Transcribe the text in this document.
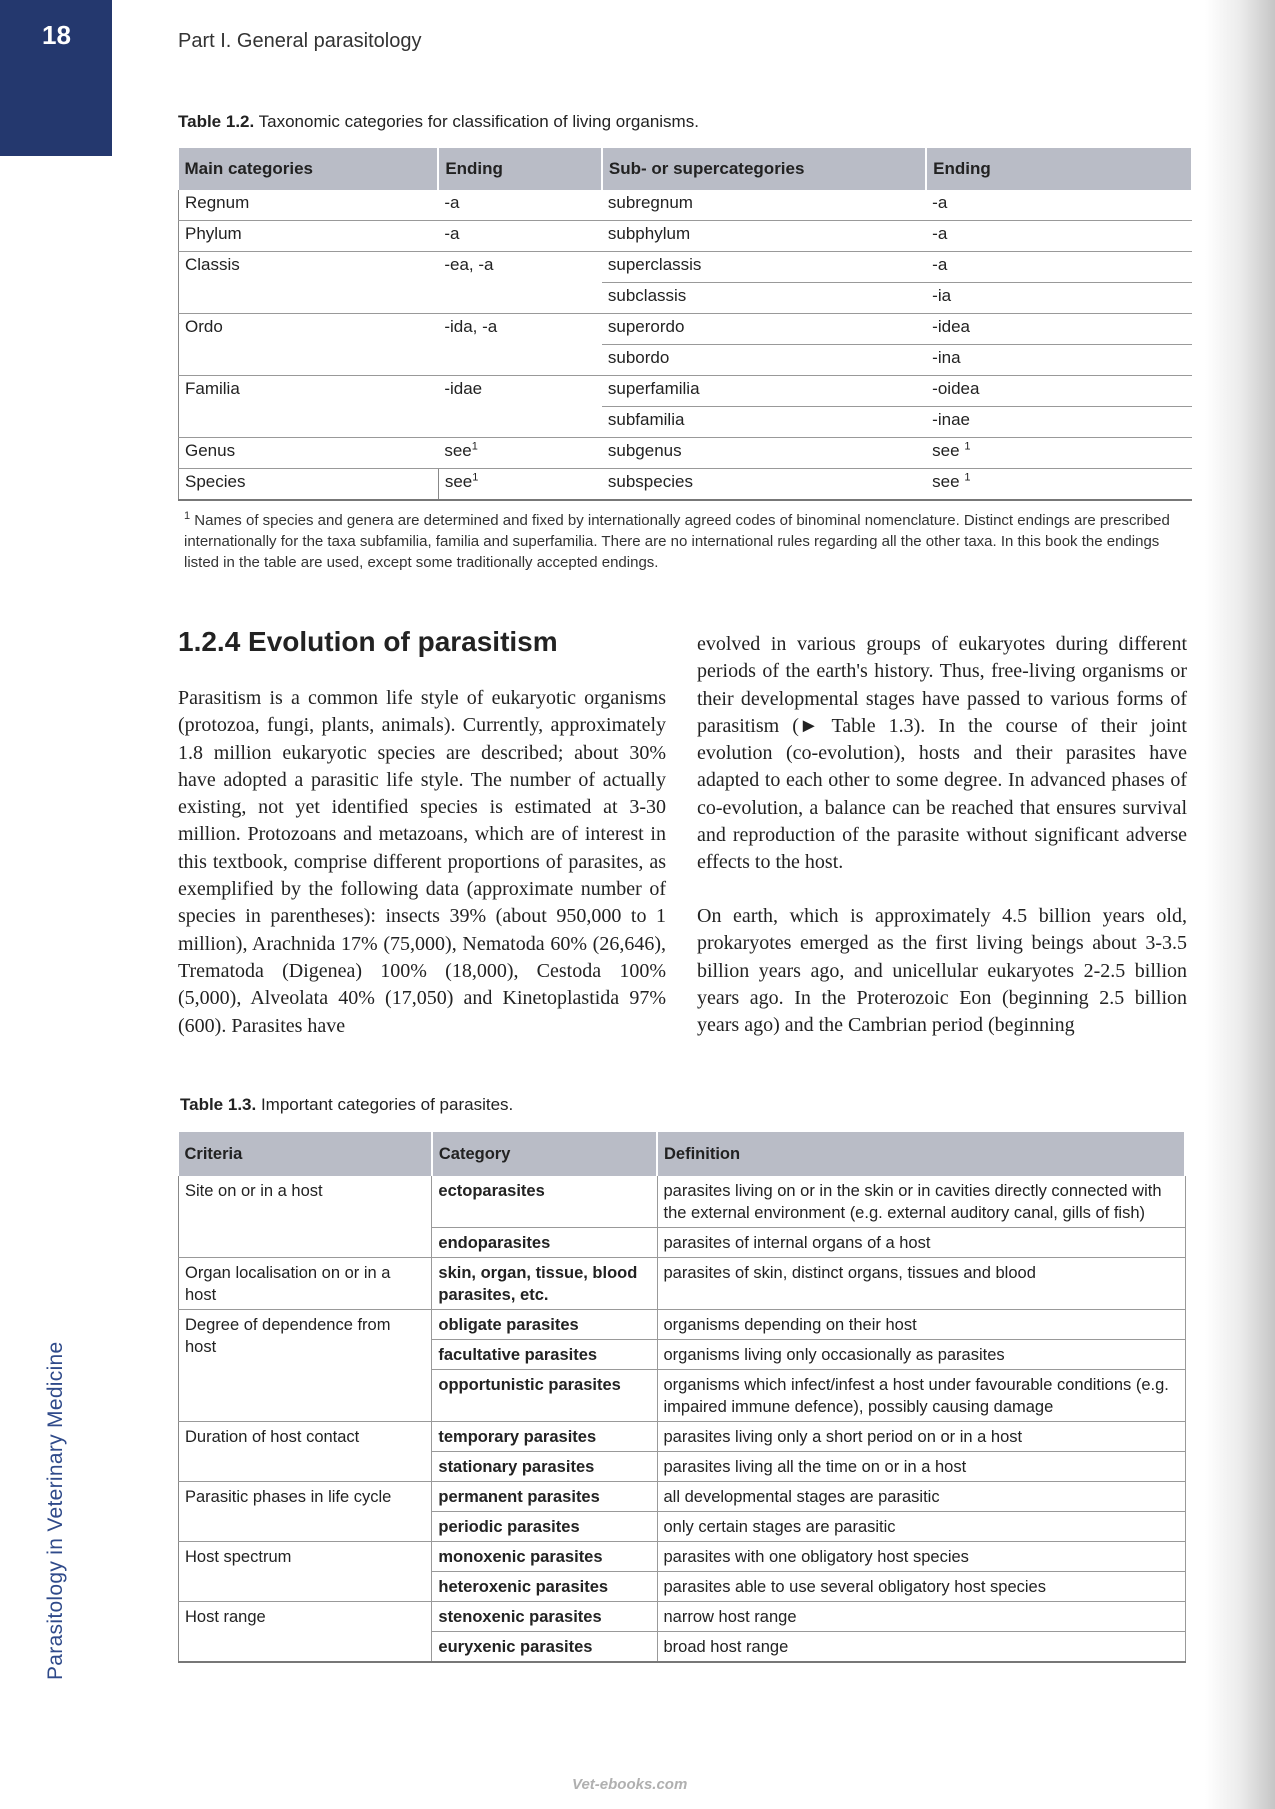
18	Part I. General parasitology
Parasitology in Veterinary Medicine
Table 1.2. Taxonomic categories for classification of living organisms.
Main categories	Ending	Sub- or supercategories	Ending
Regnum	-a	subregnum	-a
Phylum	-a	subphylum	-a
Classis	-ea, -a	superclassis	-a
		subclassis	-ia
Ordo	-ida, -a	superordo	-idea
		subordo	-ina
Familia	-idae	superfamilia	-oidea
		subfamilia	-inae
Genus	see$^1$	subgenus	see $^1$
Species	see$^1$	subspecies	see $^1$
$^1$ Names of species and genera are determined and fixed by internationally agreed codes of binominal nomenclature. Distinct endings are prescribed internationally for the taxa subfamilia, familia and superfamilia. There are no international rules regarding all the other taxa. In this book the endings listed in the table are used, except some traditionally accepted endings.
1.2.4 Evolution of parasitism
Parasitism is a common life style of eukaryotic organisms (protozoa, fungi, plants, animals). Currently, approximately 1.8 million eukaryotic species are described; about 30% have adopted a parasitic life style. The number of actually existing, not yet identified species is estimated at 3-30 million. Protozoans and metazoans, which are of interest in this textbook, comprise different proportions of parasites, as exemplified by the following data (approximate number of species in parentheses): insects 39% (about 950,000 to 1 million), Arachnida 17% (75,000), Nematoda 60% (26,646), Trematoda (Digenea) 100% (18,000), Cestoda 100% (5,000), Alveolata 40% (17,050) and Kinetoplastida 97% (600). Parasites have
evolved in various groups of eukaryotes during different periods of the earth's history. Thus, free-living organisms or their developmental stages have passed to various forms of parasitism (► Table 1.3). In the course of their joint evolution (co-evolution), hosts and their parasites have adapted to each other to some degree. In advanced phases of co-evolution, a balance can be reached that ensures survival and reproduction of the parasite without significant adverse effects to the host.
On earth, which is approximately 4.5 billion years old, prokaryotes emerged as the first living beings about 3-3.5 billion years ago, and unicellular eukaryotes 2-2.5 billion years ago. In the Proterozoic Eon (beginning 2.5 billion years ago) and the Cambrian period (beginning
Table 1.3. Important categories of parasites.
Criteria	Category	Definition
Site on or in a host	ectoparasites	parasites living on or in the skin or in cavities directly connected with the external environment (e.g. external auditory canal, gills of fish)
	endoparasites	parasites of internal organs of a host
Organ localisation on or in a host	skin, organ, tissue, blood parasites, etc.	parasites of skin, distinct organs, tissues and blood
Degree of dependence from host	obligate parasites	organisms depending on their host
	facultative parasites	organisms living only occasionally as parasites
	opportunistic parasites	organisms which infect/infest a host under favourable conditions (e.g. impaired immune defence), possibly causing damage
Duration of host contact	temporary parasites	parasites living only a short period on or in a host
	stationary parasites	parasites living all the time on or in a host
Parasitic phases in life cycle	permanent parasites	all developmental stages are parasitic
	periodic parasites	only certain stages are parasitic
Host spectrum	monoxenic parasites	parasites with one obligatory host species
	heteroxenic parasites	parasites able to use several obligatory host species
Host range	stenoxenic parasites	narrow host range
	euryxenic parasites	broad host range
Vet-ebooks.com
